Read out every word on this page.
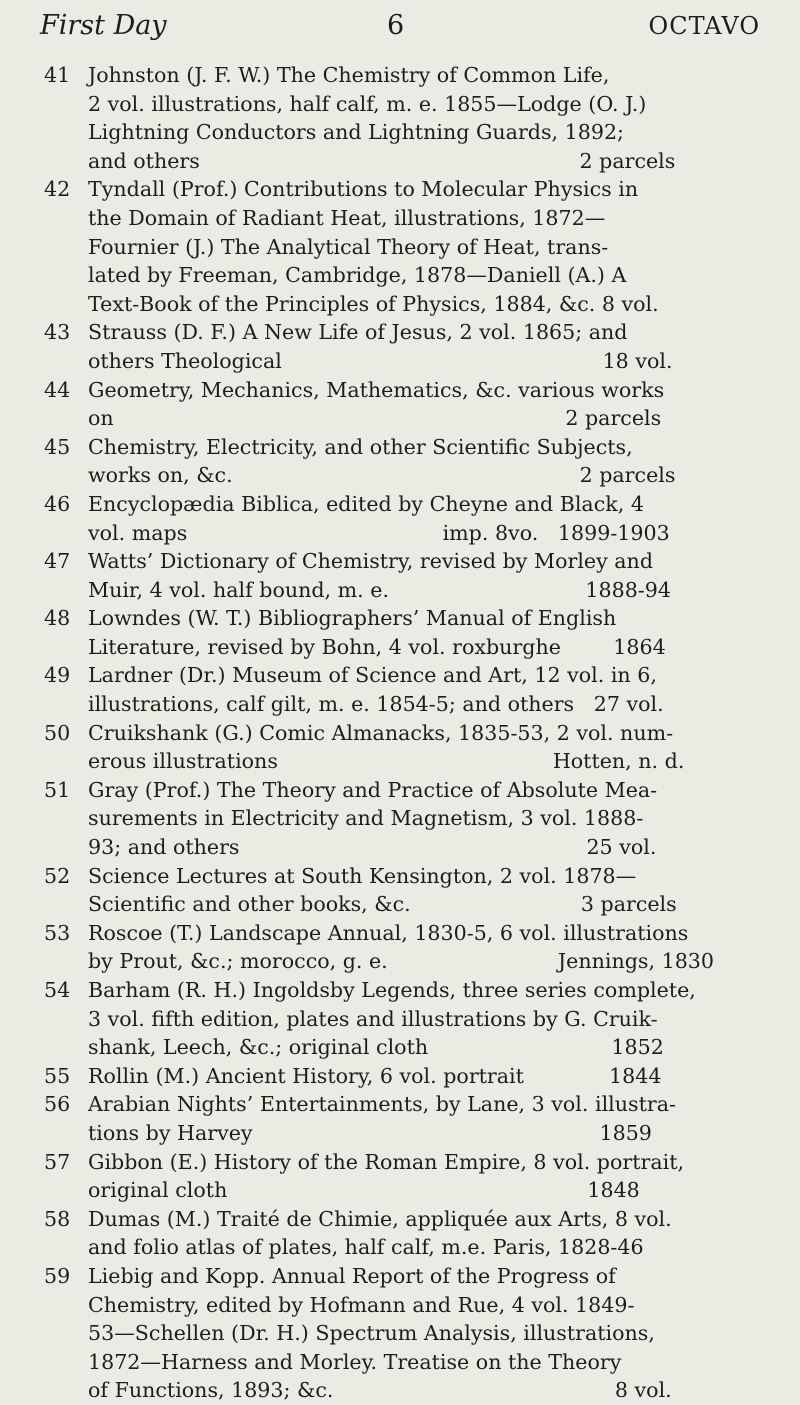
First Day	6	OCTAVO
41 Johnston (J. F. W.) The Chemistry of Common Life,
2 vol. illustrations, half calf, m. e. 1855—Lodge (O. J.)
Lightning Conductors and Lightning Guards, 1892;
and others                                                          2 parcels
42 Tyndall (Prof.) Contributions to Molecular Physics in
the Domain of Radiant Heat, illustrations, 1872—
Fournier (J.) The Analytical Theory of Heat, trans-
lated by Freeman, Cambridge, 1878—Daniell (A.) A
Text-Book of the Principles of Physics, 1884, &c. 8 vol.
43 Strauss (D. F.) A New Life of Jesus, 2 vol. 1865; and
others Theological                                                 18 vol.
44 Geometry, Mechanics, Mathematics, &c. various works
on                                                                     2 parcels
45 Chemistry, Electricity, and other Scientific Subjects,
works on, &c.                                                     2 parcels
46 Encyclopædia Biblica, edited by Cheyne and Black, 4
vol. maps                                       imp. 8vo.   1899-1903
47 Watts’ Dictionary of Chemistry, revised by Morley and
Muir, 4 vol. half bound, m. e.                              1888-94
48 Lowndes (W. T.) Bibliographers’ Manual of English
Literature, revised by Bohn, 4 vol. roxburghe        1864
49 Lardner (Dr.) Museum of Science and Art, 12 vol. in 6,
illustrations, calf gilt, m. e. 1854-5; and others   27 vol.
50 Cruikshank (G.) Comic Almanacks, 1835-53, 2 vol. num-
erous illustrations                                          Hotten, n. d.
51 Gray (Prof.) The Theory and Practice of Absolute Mea-
surements in Electricity and Magnetism, 3 vol. 1888-
93; and others                                                     25 vol.
52 Science Lectures at South Kensington, 2 vol. 1878—
Scientific and other books, &c.                          3 parcels
53 Roscoe (T.) Landscape Annual, 1830-5, 6 vol. illustrations
by Prout, &c.; morocco, g. e.                          Jennings, 1830
54 Barham (R. H.) Ingoldsby Legends, three series complete,
3 vol. fifth edition, plates and illustrations by G. Cruik-
shank, Leech, &c.; original cloth                            1852
55 Rollin (M.) Ancient History, 6 vol. portrait             1844
56 Arabian Nights’ Entertainments, by Lane, 3 vol. illustra-
tions by Harvey                                                     1859
57 Gibbon (E.) History of the Roman Empire, 8 vol. portrait,
original cloth                                                       1848
58 Dumas (M.) Traité de Chimie, appliquée aux Arts, 8 vol.
and folio atlas of plates, half calf, m.e. Paris, 1828-46
59 Liebig and Kopp. Annual Report of the Progress of
Chemistry, edited by Hofmann and Rue, 4 vol. 1849-
53—Schellen (Dr. H.) Spectrum Analysis, illustrations,
1872—Harness and Morley. Treatise on the Theory
of Functions, 1893; &c.                                           8 vol.
